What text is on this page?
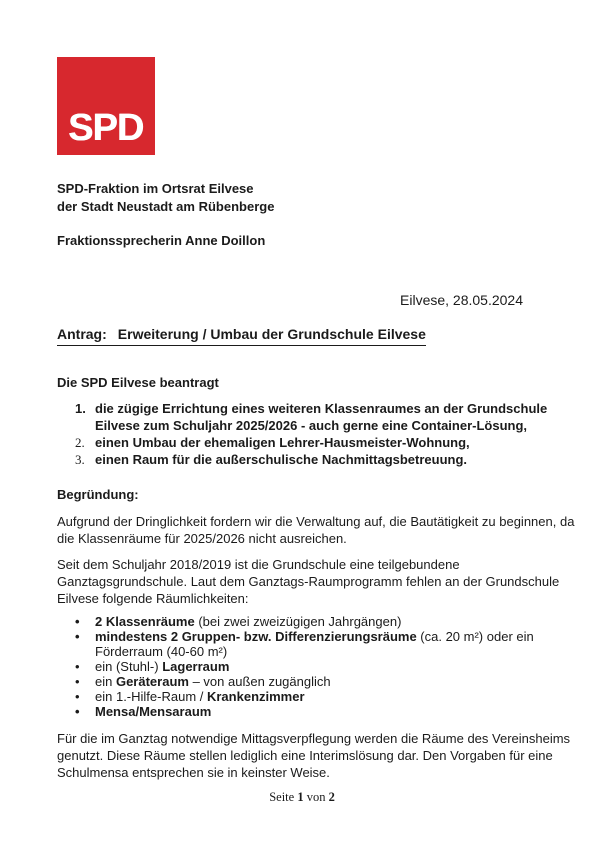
SPD
SPD-Fraktion im Ortsrat Eilvese
der Stadt Neustadt am Rübenberge
Fraktionssprecherin Anne Doillon
Eilvese, 28.05.2024
Antrag: Erweiterung / Umbau der Grundschule Eilvese
Die SPD Eilvese beantragt
1. die zügige Errichtung eines weiteren Klassenraumes an der Grundschule
Eilvese zum Schuljahr 2025/2026 - auch gerne eine Container-Lösung,
2. einen Umbau der ehemaligen Lehrer-Hausmeister-Wohnung,
3. einen Raum für die außerschulische Nachmittagsbetreuung.
Begründung:
Aufgrund der Dringlichkeit fordern wir die Verwaltung auf, die Bautätigkeit zu beginnen, da
die Klassenräume für 2025/2026 nicht ausreichen.
Seit dem Schuljahr 2018/2019 ist die Grundschule eine teilgebundene
Ganztagsgrundschule. Laut dem Ganztags-Raumprogramm fehlen an der Grundschule
Eilvese folgende Räumlichkeiten:
•	2 Klassenräume (bei zwei zweizügigen Jahrgängen)
•	mindestens 2 Gruppen- bzw. Differenzierungsräume (ca. 20 m²) oder ein
Förderraum (40-60 m²)
•	ein (Stuhl-) Lagerraum
•	ein Geräteraum – von außen zugänglich
•	ein 1.-Hilfe-Raum / Krankenzimmer
•	Mensa/Mensaraum
Für die im Ganztag notwendige Mittagsverpflegung werden die Räume des Vereinsheims
genutzt. Diese Räume stellen lediglich eine Interimslösung dar. Den Vorgaben für eine
Schulmensa entsprechen sie in keinster Weise.
Seite 1 von 2
